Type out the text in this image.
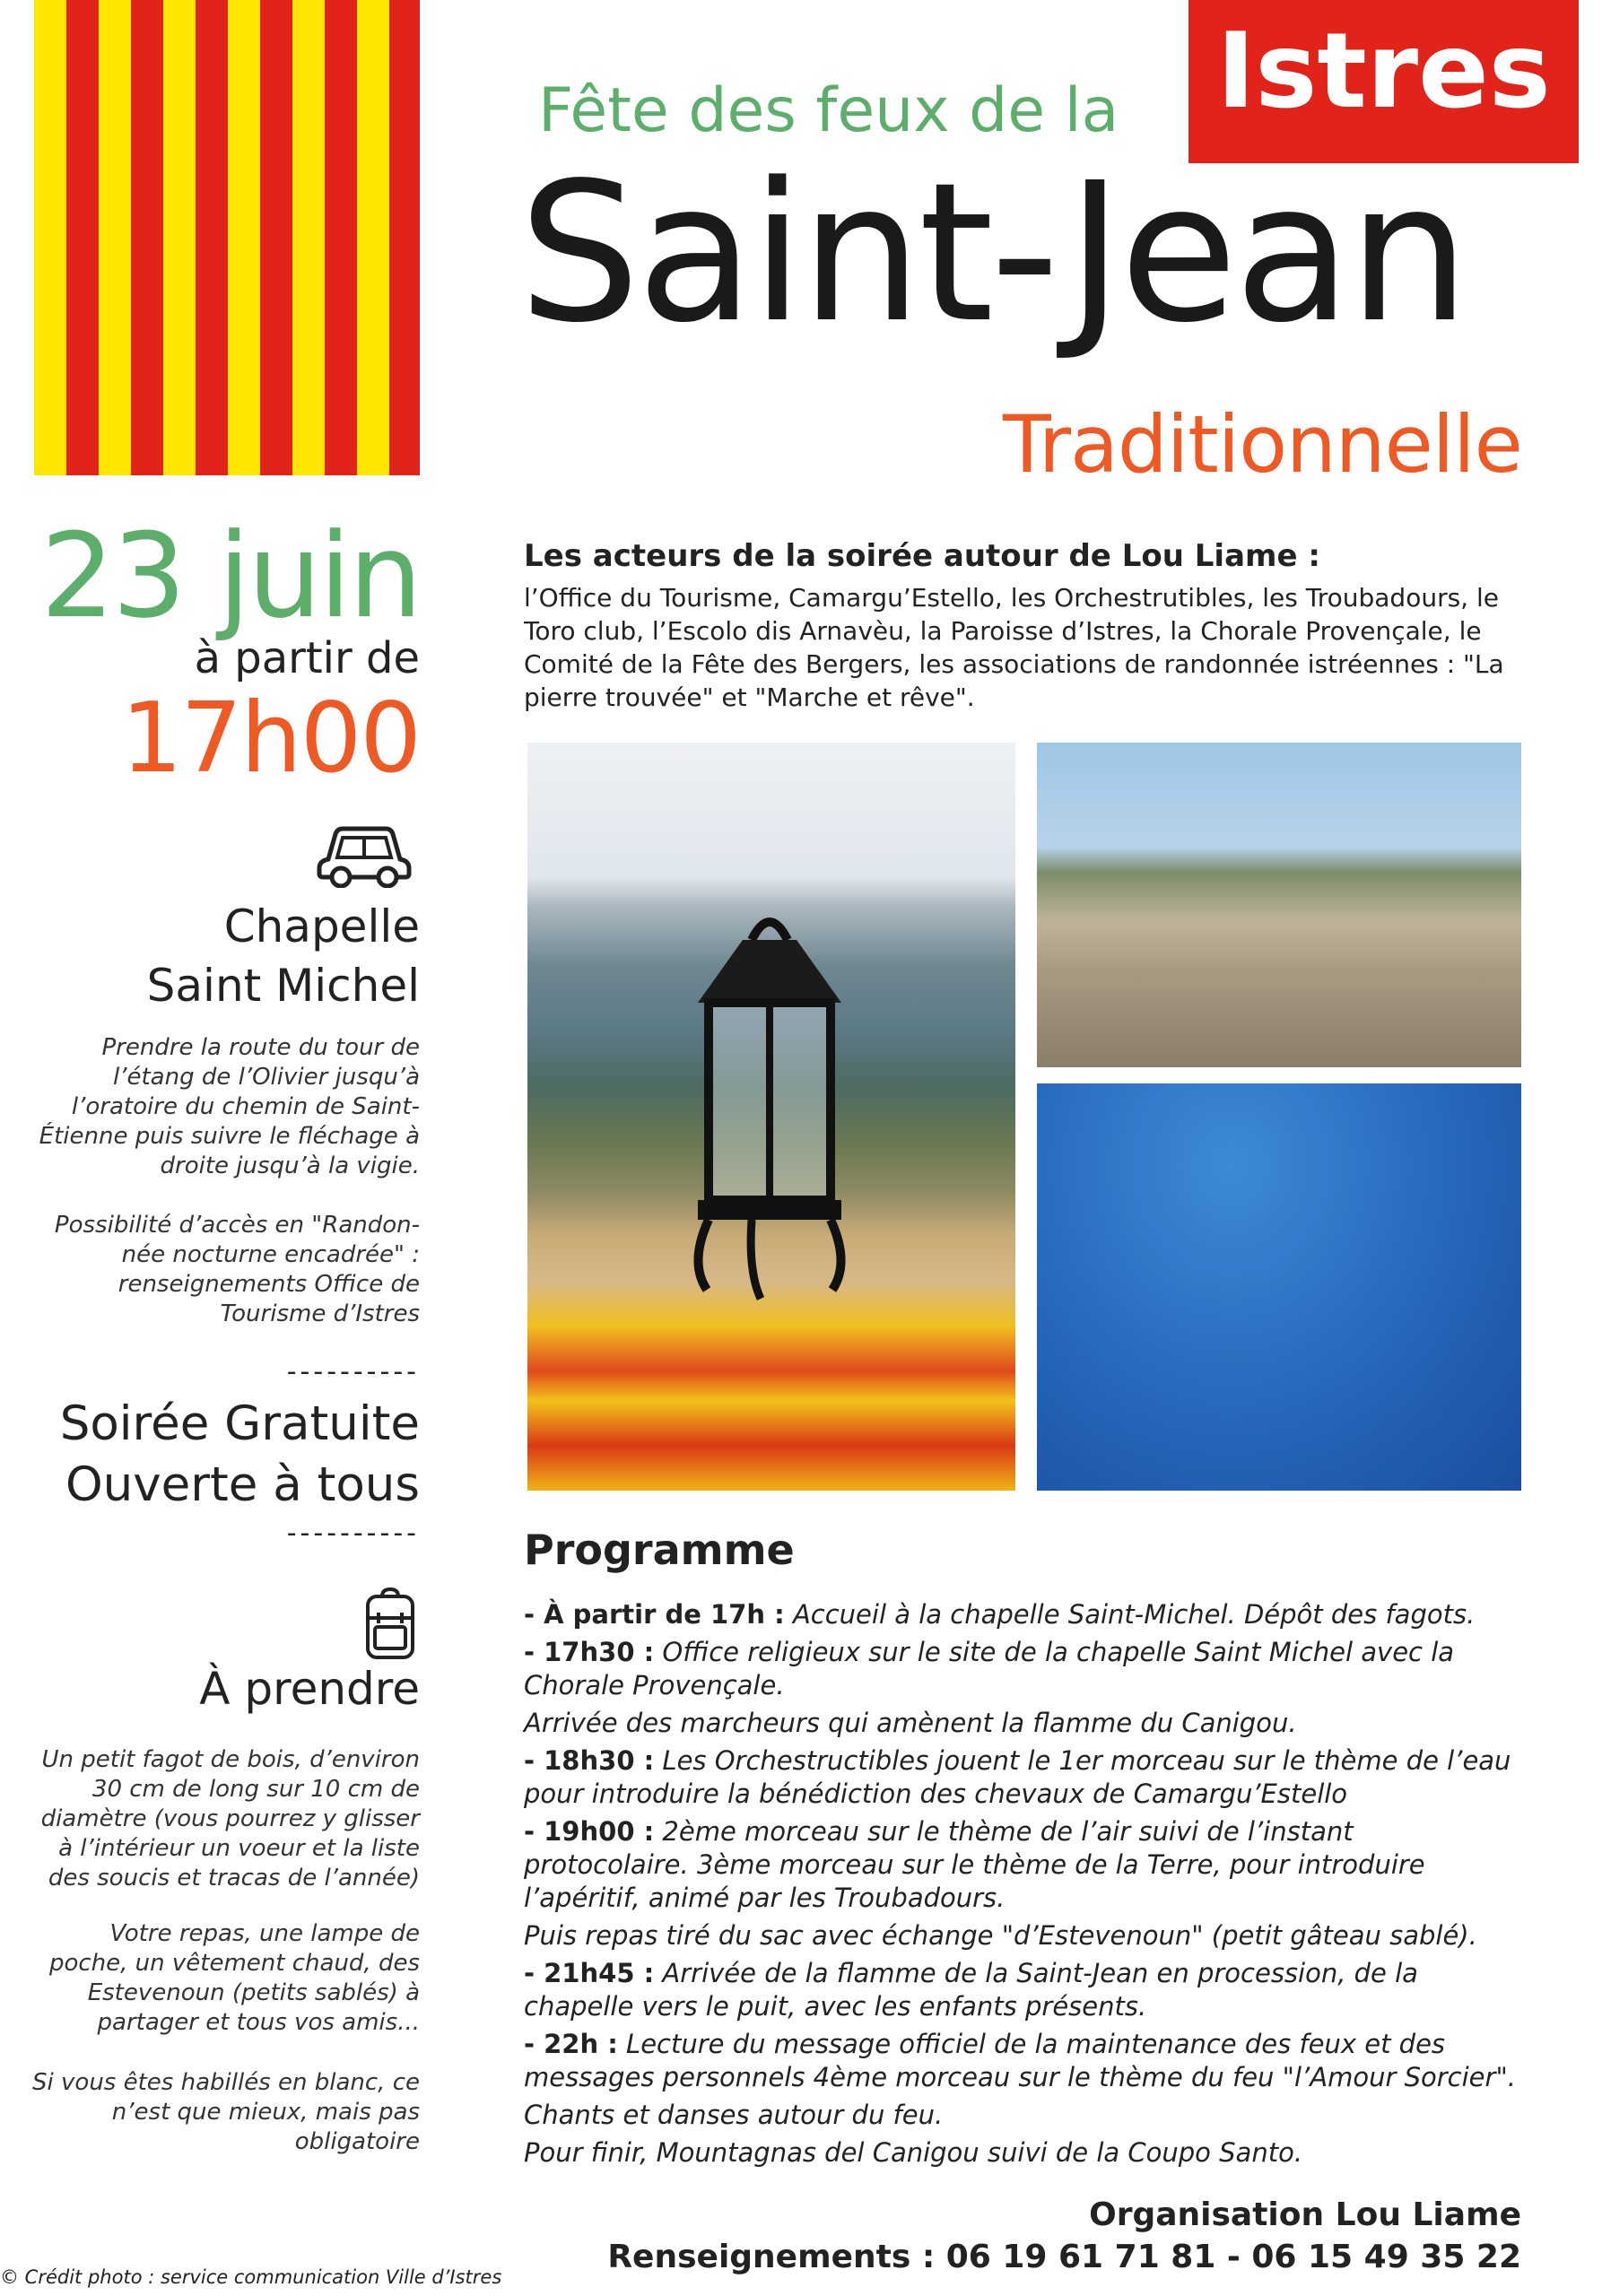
Istres
Fête des feux de la
Saint-Jean
Traditionnelle
23 juin
à partir de
17h00
Chapelle
Saint Michel
Prendre la route du tour de l’étang de l’Olivier jusqu’à l’oratoire du chemin de Saint-Étienne puis suivre le fléchage à droite jusqu’à la vigie.
Possibilité d’accès en "Randon-née nocturne encadrée" : renseignements Office de Tourisme d’Istres
----------
Soirée Gratuite
Ouverte à tous
----------
À prendre
Un petit fagot de bois, d’environ 30 cm de long sur 10 cm de diamètre (vous pourrez y glisser à l’intérieur un voeur et la liste des soucis et tracas de l’année)
Votre repas, une lampe de poche, un vêtement chaud, des Estevenoun (petits sablés) à partager et tous vos amis...
Si vous êtes habillés en blanc, ce n’est que mieux, mais pas obligatoire
Les acteurs de la soirée autour de Lou Liame :
l’Office du Tourisme, Camargu’Estello, les Orchestrutibles, les Troubadours, le Toro club, l’Escolo dis Arnavèu, la Paroisse d’Istres, la Chorale Provençale, le Comité de la Fête des Bergers, les associations de randonnée istréennes : "La pierre trouvée" et "Marche et rêve".
Programme
- À partir de 17h : Accueil à la chapelle Saint-Michel. Dépôt des fagots.
- 17h30 : Office religieux sur le site de la chapelle Saint Michel avec la Chorale Provençale.
Arrivée des marcheurs qui amènent la flamme du Canigou.
- 18h30 : Les Orchestructibles jouent le 1er morceau sur le thème de l’eau pour introduire la bénédiction des chevaux de Camargu’Estello
- 19h00 : 2ème morceau sur le thème de l’air suivi de l’instant protocolaire. 3ème morceau sur le thème de la Terre, pour introduire l’apéritif, animé par les Troubadours.
Puis repas tiré du sac avec échange "d’Estevenoun" (petit gâteau sablé).
- 21h45 : Arrivée de la flamme de la Saint-Jean en procession, de la chapelle vers le puit, avec les enfants présents.
- 22h : Lecture du message officiel de la maintenance des feux et des messages personnels 4ème morceau sur le thème du feu "l’Amour Sorcier".
Chants et danses autour du feu.
Pour finir, Mountagnas del Canigou suivi de la Coupo Santo.
Organisation Lou Liame
Renseignements : 06 19 61 71 81 - 06 15 49 35 22
© Crédit photo : service communication Ville d’Istres
